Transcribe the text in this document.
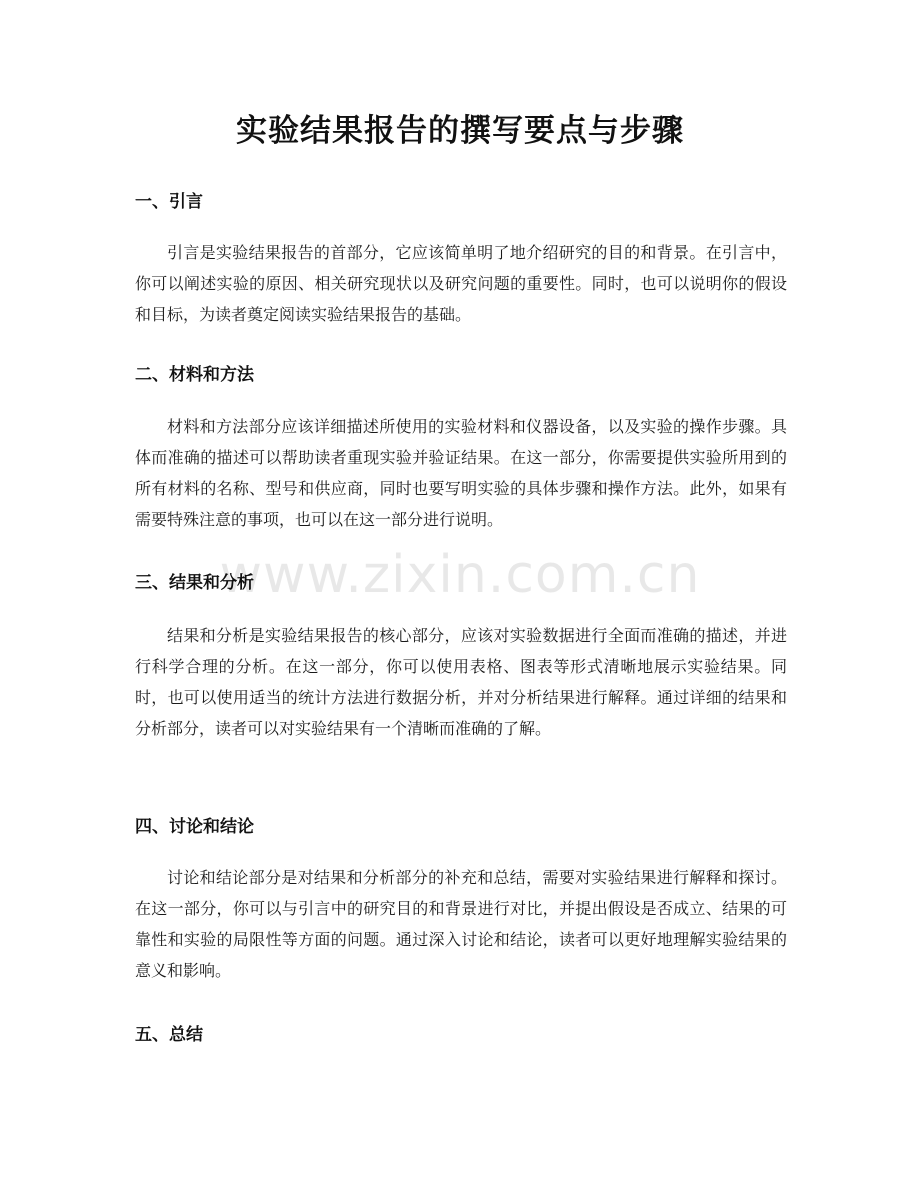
实验结果报告的撰写要点与步骤
一、引言

引言是实验结果报告的首部分，它应该简单明了地介绍研究的目的和背景。在引言中，你可以阐述实验的原因、相关研究现状以及研究问题的重要性。同时，也可以说明你的假设和目标，为读者奠定阅读实验结果报告的基础。

二、材料和方法

材料和方法部分应该详细描述所使用的实验材料和仪器设备，以及实验的操作步骤。具体而准确的描述可以帮助读者重现实验并验证结果。在这一部分，你需要提供实验所用到的所有材料的名称、型号和供应商，同时也要写明实验的具体步骤和操作方法。此外，如果有需要特殊注意的事项，也可以在这一部分进行说明。

三、结果和分析

结果和分析是实验结果报告的核心部分，应该对实验数据进行全面而准确的描述，并进行科学合理的分析。在这一部分，你可以使用表格、图表等形式清晰地展示实验结果。同时，也可以使用适当的统计方法进行数据分析，并对分析结果进行解释。通过详细的结果和分析部分，读者可以对实验结果有一个清晰而准确的了解。

四、讨论和结论

讨论和结论部分是对结果和分析部分的补充和总结，需要对实验结果进行解释和探讨。在这一部分，你可以与引言中的研究目的和背景进行对比，并提出假设是否成立、结果的可靠性和实验的局限性等方面的问题。通过深入讨论和结论，读者可以更好地理解实验结果的意义和影响。

五、总结
www.zixin.com.cn
